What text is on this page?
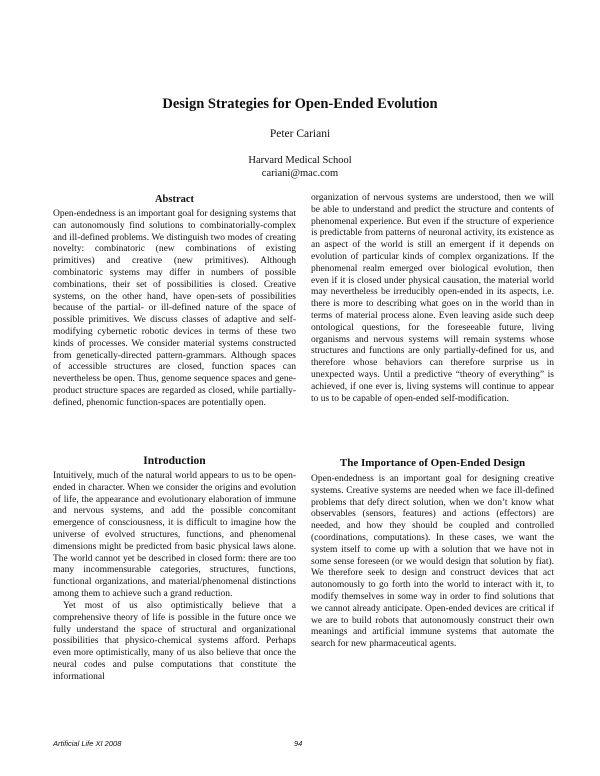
Design Strategies for Open-Ended Evolution
Peter Cariani
Harvard Medical School
cariani@mac.com
Abstract

Open-endedness is an important goal for designing systems that can autonomously find solutions to combinatorially-complex and ill-defined problems. We distinguish two modes of creating novelty: combinatoric (new combinations of existing primitives) and creative (new primitives). Although combinatoric systems may differ in numbers of possible combinations, their set of possibilities is closed. Creative systems, on the other hand, have open-sets of possibilities because of the partial- or ill-defined nature of the space of possible primitives. We discuss classes of adaptive and self-modifying cybernetic robotic devices in terms of these two kinds of processes. We consider material systems constructed from genetically-directed pattern-grammars. Although spaces of accessible structures are closed, function spaces can nevertheless be open. Thus, genome sequence spaces and gene-product structure spaces are regarded as closed, while partially-defined, phenomic function-spaces are potentially open.

Introduction

Intuitively, much of the natural world appears to us to be open-ended in character. When we consider the origins and evolution of life, the appearance and evolutionary elaboration of immune and nervous systems, and add the possible concomitant emergence of consciousness, it is difficult to imagine how the universe of evolved structures, functions, and phenomenal dimensions might be predicted from basic physical laws alone. The world cannot yet be described in closed form: there are too many incommensurable categories, structures, functions, functional organizations, and material/phenomenal distinctions among them to achieve such a grand reduction.

Yet most of us also optimistically believe that a comprehensive theory of life is possible in the future once we fully understand the space of structural and organizational possibilities that physico-chemical systems afford. Perhaps even more optimistically, many of us also believe that once the neural codes and pulse computations that constitute the informational

organization of nervous systems are understood, then we will be able to understand and predict the structure and contents of phenomenal experience. But even if the structure of experience is predictable from patterns of neuronal activity, its existence as an aspect of the world is still an emergent if it depends on evolution of particular kinds of complex organizations. If the phenomenal realm emerged over biological evolution, then even if it is closed under physical causation, the material world may nevertheless be irreducibly open-ended in its aspects, i.e. there is more to describing what goes on in the world than in terms of material process alone. Even leaving aside such deep ontological questions, for the foreseeable future, living organisms and nervous systems will remain systems whose structures and functions are only partially-defined for us, and therefore whose behaviors can therefore surprise us in unexpected ways. Until a predictive “theory of everything” is achieved, if one ever is, living systems will continue to appear to us to be capable of open-ended self-modification.

The Importance of Open-Ended Design

Open-endedness is an important goal for designing creative systems. Creative systems are needed when we face ill-defined problems that defy direct solution, when we don’t know what observables (sensors, features) and actions (effectors) are needed, and how they should be coupled and controlled (coordinations, computations). In these cases, we want the system itself to come up with a solution that we have not in some sense foreseen (or we would design that solution by fiat). We therefore seek to design and construct devices that act autonomously to go forth into the world to interact with it, to modify themselves in some way in order to find solutions that we cannot already anticipate. Open-ended devices are critical if we are to build robots that autonomously construct their own meanings and artificial immune systems that automate the search for new pharmaceutical agents.

Artificial Life XI 2008	94
